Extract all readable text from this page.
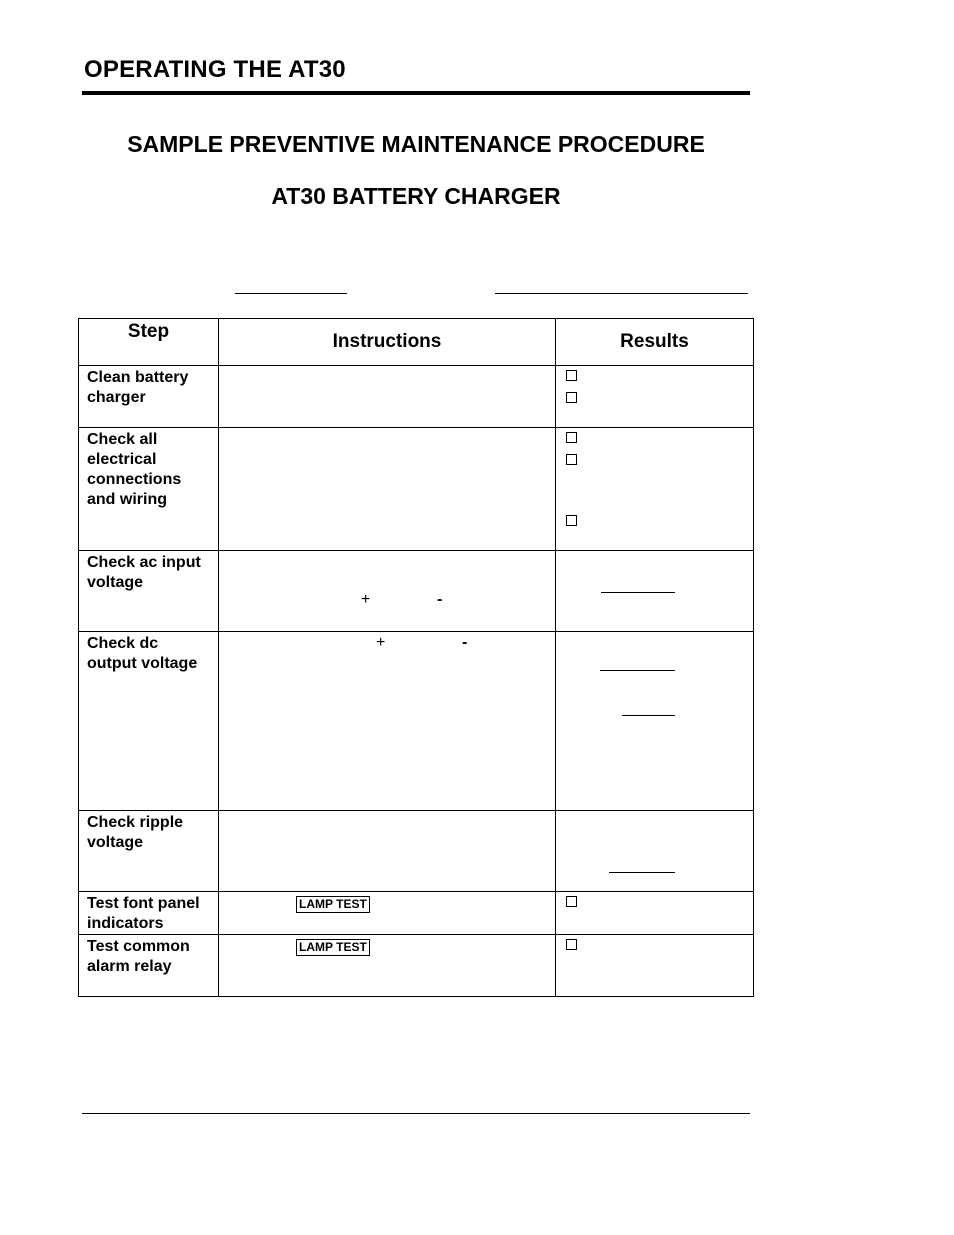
OPERATING THE AT30
SAMPLE PREVENTIVE MAINTENANCE PROCEDURE
AT30 BATTERY CHARGER
Step	Instructions	Results

Clean battery charger		

Check all electrical connections and wiring		

Check ac input voltage	+ -	

Check dc output voltage	+ -	

Check ripple voltage		

Test font panel indicators	LAMP TEST	

Test common alarm relay	LAMP TEST	
